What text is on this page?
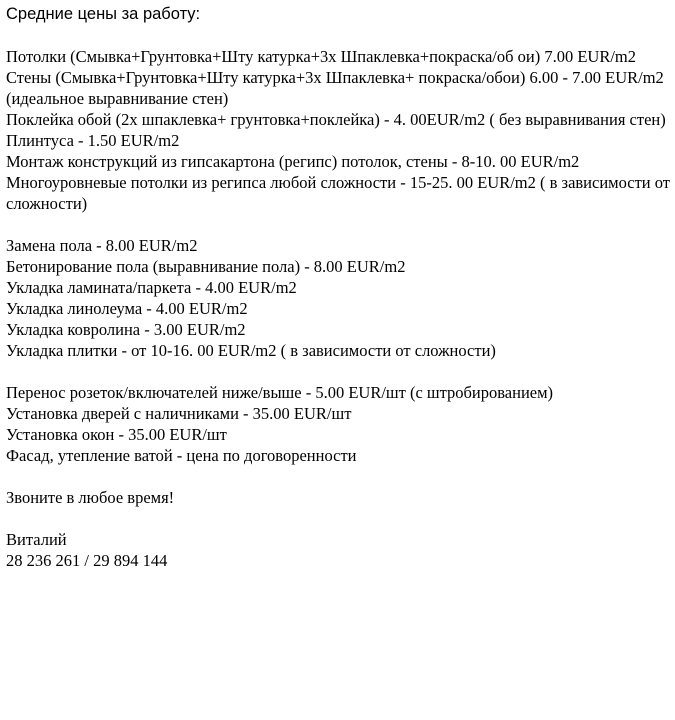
Средние цены за работу:

Потолки (Смывка+Грунтовка+Шту катурка+3х Шпаклевка+покраска/об ои) 7.00 EUR/m2
Стены (Смывка+Грунтовка+Шту катурка+3х Шпаклевка+ покраска/обои) 6.00 - 7.00 EUR/m2 (идеальное выравнивание стен)
Поклейка обой (2х шпаклевка+ грунтовка+поклейка) - 4. 00EUR/m2 ( без выравнивания стен)
Плинтуса - 1.50 EUR/m2
Монтаж конструкций из гипсакартона (регипс) потолок, стены - 8-10. 00 EUR/m2
Многоуровневые потолки из регипса любой сложности - 15-25. 00 EUR/m2 ( в зависимости от сложности)
Замена пола - 8.00 EUR/m2
Бетонирование пола (выравнивание пола) - 8.00 EUR/m2
Укладка ламината/паркета - 4.00 EUR/m2
Укладка линолеума - 4.00 EUR/m2
Укладка ковролина - 3.00 EUR/m2
Укладка плитки - от 10-16. 00 EUR/m2 ( в зависимости от сложности)
Перенос розеток/включателей ниже/выше - 5.00 EUR/шт (с штробированием)
Установка дверей с наличниками - 35.00 EUR/шт
Установка окон - 35.00 EUR/шт
Фасад, утепление ватой - цена по договоренности
Звоните в любое время!
Виталий
28 236 261 / 29 894 144
